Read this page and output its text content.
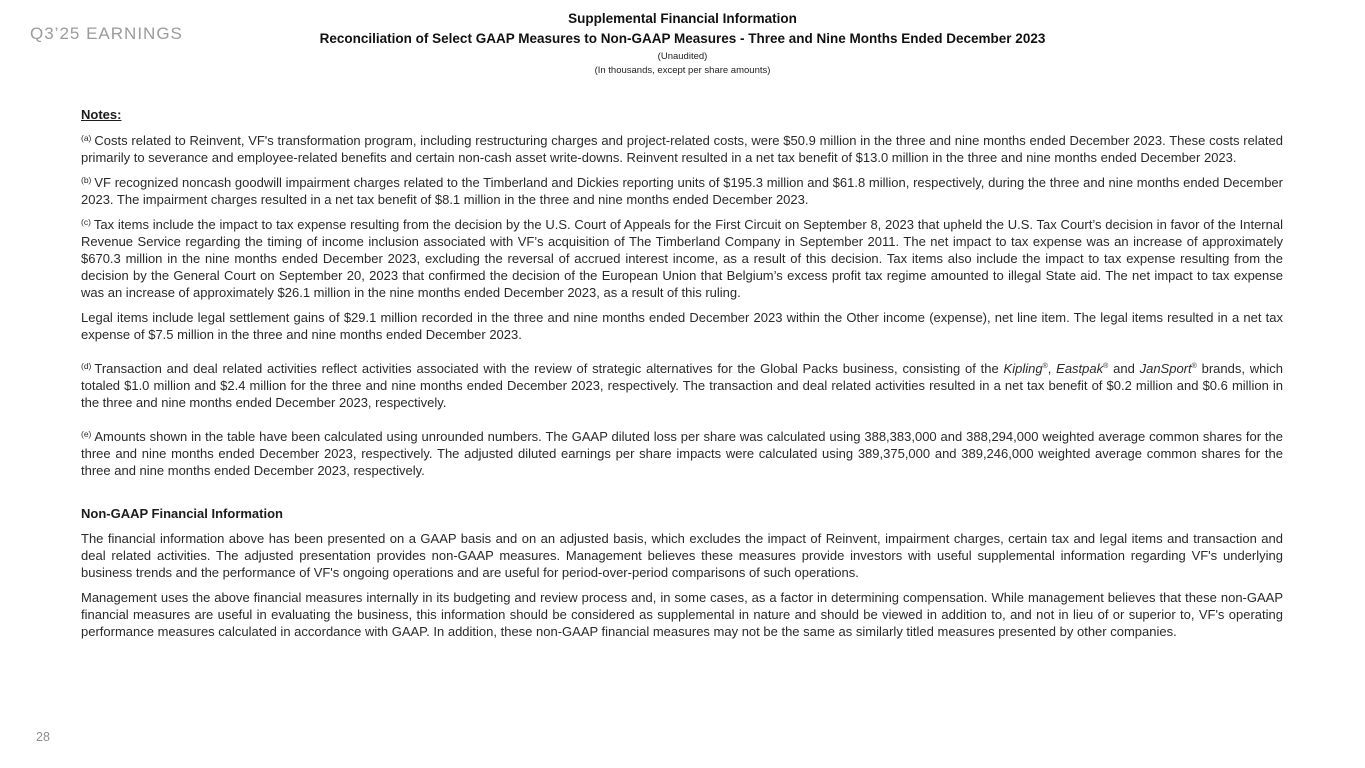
Q3’25 EARNINGS
Supplemental Financial Information
Reconciliation of Select GAAP Measures to Non-GAAP Measures - Three and Nine Months Ended December 2023
(Unaudited)
(In thousands, except per share amounts)
Notes:

$^{(a)}$ Costs related to Reinvent, VF's transformation program, including restructuring charges and project-related costs, were $50.9 million in the three and nine months ended December 2023. These costs related primarily to severance and employee-related benefits and certain non-cash asset write-downs. Reinvent resulted in a net tax benefit of $13.0 million in the three and nine months ended December 2023.

$^{(b)}$ VF recognized noncash goodwill impairment charges related to the Timberland and Dickies reporting units of $195.3 million and $61.8 million, respectively, during the three and nine months ended December 2023. The impairment charges resulted in a net tax benefit of $8.1 million in the three and nine months ended December 2023.

$^{(c)}$ Tax items include the impact to tax expense resulting from the decision by the U.S. Court of Appeals for the First Circuit on September 8, 2023 that upheld the U.S. Tax Court’s decision in favor of the Internal Revenue Service regarding the timing of income inclusion associated with VF’s acquisition of The Timberland Company in September 2011. The net impact to tax expense was an increase of approximately $670.3 million in the nine months ended December 2023, excluding the reversal of accrued interest income, as a result of this decision. Tax items also include the impact to tax expense resulting from the decision by the General Court on September 20, 2023 that confirmed the decision of the European Union that Belgium’s excess profit tax regime amounted to illegal State aid. The net impact to tax expense was an increase of approximately $26.1 million in the nine months ended December 2023, as a result of this ruling.

Legal items include legal settlement gains of $29.1 million recorded in the three and nine months ended December 2023 within the Other income (expense), net line item. The legal items resulted in a net tax expense of $7.5 million in the three and nine months ended December 2023.

$^{(d)}$ Transaction and deal related activities reflect activities associated with the review of strategic alternatives for the Global Packs business, consisting of the Kipling®, Eastpak® and JanSport® brands, which totaled $1.0 million and $2.4 million for the three and nine months ended December 2023, respectively. The transaction and deal related activities resulted in a net tax benefit of $0.2 million and $0.6 million in the three and nine months ended December 2023, respectively.

$^{(e)}$ Amounts shown in the table have been calculated using unrounded numbers. The GAAP diluted loss per share was calculated using 388,383,000 and 388,294,000 weighted average common shares for the three and nine months ended December 2023, respectively. The adjusted diluted earnings per share impacts were calculated using 389,375,000 and 389,246,000 weighted average common shares for the three and nine months ended December 2023, respectively.

Non-GAAP Financial Information

The financial information above has been presented on a GAAP basis and on an adjusted basis, which excludes the impact of Reinvent, impairment charges, certain tax and legal items and transaction and deal related activities. The adjusted presentation provides non-GAAP measures. Management believes these measures provide investors with useful supplemental information regarding VF's underlying business trends and the performance of VF's ongoing operations and are useful for period-over-period comparisons of such operations.

Management uses the above financial measures internally in its budgeting and review process and, in some cases, as a factor in determining compensation. While management believes that these non-GAAP financial measures are useful in evaluating the business, this information should be considered as supplemental in nature and should be viewed in addition to, and not in lieu of or superior to, VF's operating performance measures calculated in accordance with GAAP. In addition, these non-GAAP financial measures may not be the same as similarly titled measures presented by other companies.

28
